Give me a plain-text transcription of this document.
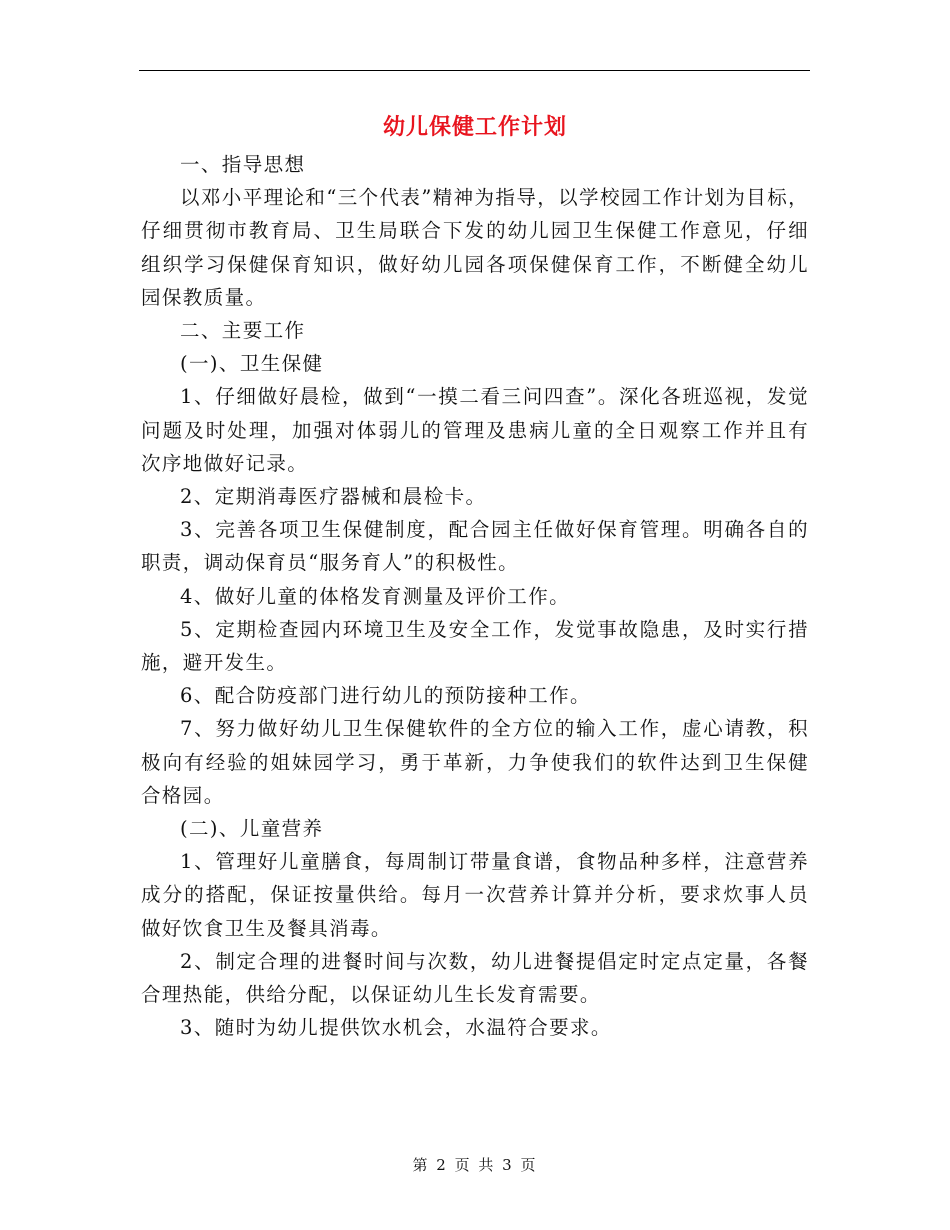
幼儿保健工作计划

一、指导思想

以邓小平理论和“三个代表”精神为指导，以学校园工作计划为目标，仔细贯彻市教育局、卫生局联合下发的幼儿园卫生保健工作意见，仔细组织学习保健保育知识，做好幼儿园各项保健保育工作，不断健全幼儿园保教质量。

二、主要工作

(一)、卫生保健

1、仔细做好晨检，做到“一摸二看三问四查”。深化各班巡视，发觉问题及时处理，加强对体弱儿的管理及患病儿童的全日观察工作并且有次序地做好记录。

2、定期消毒医疗器械和晨检卡。

3、完善各项卫生保健制度，配合园主任做好保育管理。明确各自的职责，调动保育员“服务育人”的积极性。

4、做好儿童的体格发育测量及评价工作。

5、定期检查园内环境卫生及安全工作，发觉事故隐患，及时实行措施，避开发生。

6、配合防疫部门进行幼儿的预防接种工作。

7、努力做好幼儿卫生保健软件的全方位的输入工作，虚心请教，积极向有经验的姐妹园学习，勇于革新，力争使我们的软件达到卫生保健合格园。

(二)、儿童营养

1、管理好儿童膳食，每周制订带量食谱，食物品种多样，注意营养成分的搭配，保证按量供给。每月一次营养计算并分析，要求炊事人员做好饮食卫生及餐具消毒。

2、制定合理的进餐时间与次数，幼儿进餐提倡定时定点定量，各餐合理热能，供给分配，以保证幼儿生长发育需要。

3、随时为幼儿提供饮水机会，水温符合要求。

第 2 页 共 3 页
